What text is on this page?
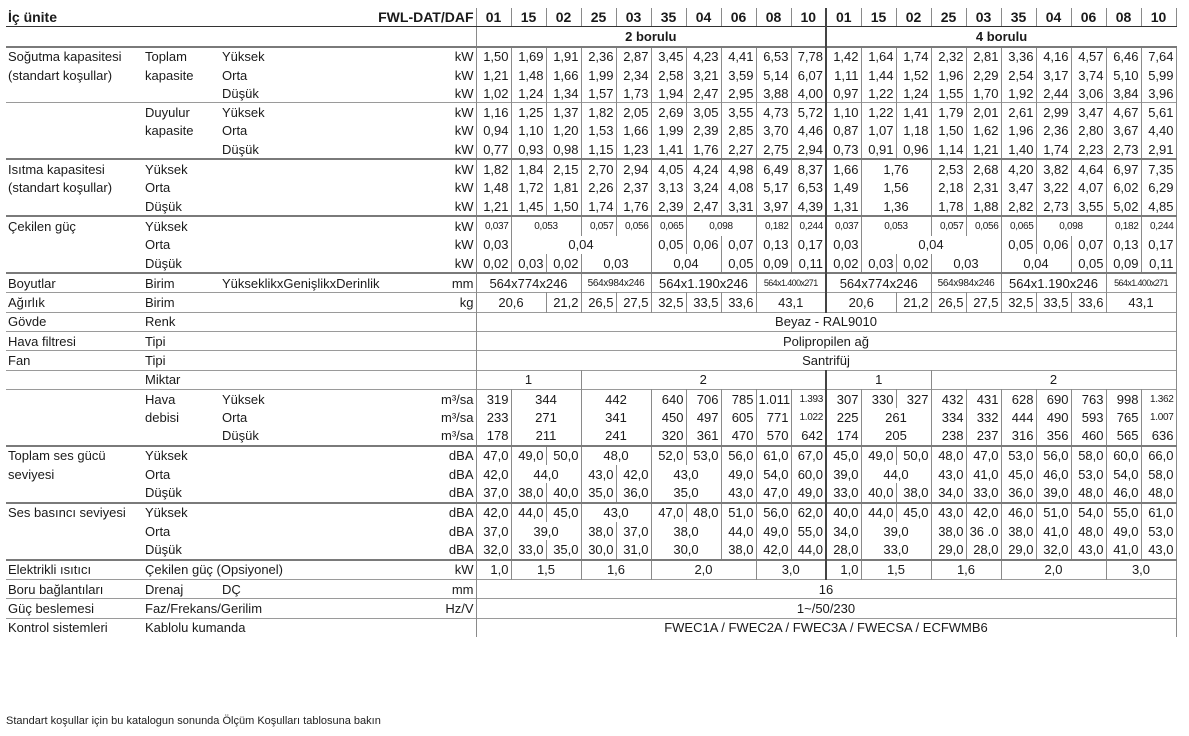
İç ünite		FWL-DAT/DAF		01	15	02	25	03	35	04	06	08	10	01	15	02	25	03	35	04	06	08	10
				2 borulu										4 borulu									
Soğutma kapasitesi	Toplam	Yüksek	kW	1,50	1,69	1,91	2,36	2,87	3,45	4,23	4,41	6,53	7,78	1,42	1,64	1,74	2,32	2,81	3,36	4,16	4,57	6,46	7,64
(standart koşullar)	kapasite	Orta	kW	1,21	1,48	1,66	1,99	2,34	2,58	3,21	3,59	5,14	6,07	1,11	1,44	1,52	1,96	2,29	2,54	3,17	3,74	5,10	5,99
		Düşük	kW	1,02	1,24	1,34	1,57	1,73	1,94	2,47	2,95	3,88	4,00	0,97	1,22	1,24	1,55	1,70	1,92	2,44	3,06	3,84	3,96
	Duyulur	Yüksek	kW	1,16	1,25	1,37	1,82	2,05	2,69	3,05	3,55	4,73	5,72	1,10	1,22	1,41	1,79	2,01	2,61	2,99	3,47	4,67	5,61
	kapasite	Orta	kW	0,94	1,10	1,20	1,53	1,66	1,99	2,39	2,85	3,70	4,46	0,87	1,07	1,18	1,50	1,62	1,96	2,36	2,80	3,67	4,40
		Düşük	kW	0,77	0,93	0,98	1,15	1,23	1,41	1,76	2,27	2,75	2,94	0,73	0,91	0,96	1,14	1,21	1,40	1,74	2,23	2,73	2,91
Isıtma kapasitesi	Yüksek		kW	1,82	1,84	2,15	2,70	2,94	4,05	4,24	4,98	6,49	8,37	1,66	1,76		2,53	2,68	4,20	3,82	4,64	6,97	7,35
(standart koşullar)	Orta		kW	1,48	1,72	1,81	2,26	2,37	3,13	3,24	4,08	5,17	6,53	1,49	1,56		2,18	2,31	3,47	3,22	4,07	6,02	6,29
	Düşük		kW	1,21	1,45	1,50	1,74	1,76	2,39	2,47	3,31	3,97	4,39	1,31	1,36		1,78	1,88	2,82	2,73	3,55	5,02	4,85
Çekilen güç	Yüksek		kW	0,037	0,053		0,057	0,056	0,065	0,098		0,182	0,244	0,037	0,053		0,057	0,056	0,065	0,098		0,182	0,244
	Orta		kW	0,03	0,04				0,05	0,06	0,07	0,13	0,17	0,03	0,04				0,05	0,06	0,07	0,13	0,17
	Düşük		kW	0,02	0,03	0,02	0,03		0,04		0,05	0,09	0,11	0,02	0,03	0,02	0,03		0,04		0,05	0,09	0,11
Boyutlar	Birim	YükseklikxGenişlikxDerinlik	mm	564x774x246			564x984x246		564x1.190x246			564x1.400x271		564x774x246			564x984x246		564x1.190x246			564x1.400x271	
Ağırlık	Birim		kg	20,6		21,2	26,5	27,5	32,5	33,5	33,6	43,1		20,6		21,2	26,5	27,5	32,5	33,5	33,6	43,1	
Gövde	Renk			Beyaz - RAL9010																			
Hava filtresi	Tipi			Polipropilen ağ																			
Fan	Tipi			Santrifüj																			
	Miktar			1			2							1			2						
	Hava	Yüksek	m³/sa	319	344		442		640	706	785	1.011	1.393	307	330	327	432	431	628	690	763	998	1.362
	debisi	Orta	m³/sa	233	271		341		450	497	605	771	1.022	225	261		334	332	444	490	593	765	1.007
		Düşük	m³/sa	178	211		241		320	361	470	570	642	174	205		238	237	316	356	460	565	636
Toplam ses gücü	Yüksek		dBA	47,0	49,0	50,0	48,0		52,0	53,0	56,0	61,0	67,0	45,0	49,0	50,0	48,0	47,0	53,0	56,0	58,0	60,0	66,0
seviyesi	Orta		dBA	42,0	44,0		43,0	42,0	43,0		49,0	54,0	60,0	39,0	44,0		43,0	41,0	45,0	46,0	53,0	54,0	58,0
	Düşük		dBA	37,0	38,0	40,0	35,0	36,0	35,0		43,0	47,0	49,0	33,0	40,0	38,0	34,0	33,0	36,0	39,0	48,0	46,0	48,0
Ses basıncı seviyesi	Yüksek		dBA	42,0	44,0	45,0	43,0		47,0	48,0	51,0	56,0	62,0	40,0	44,0	45,0	43,0	42,0	46,0	51,0	54,0	55,0	61,0
	Orta		dBA	37,0	39,0		38,0	37,0	38,0		44,0	49,0	55,0	34,0	39,0		38,0	36 .0	38,0	41,0	48,0	49,0	53,0
	Düşük		dBA	32,0	33,0	35,0	30,0	31,0	30,0		38,0	42,0	44,0	28,0	33,0		29,0	28,0	29,0	32,0	43,0	41,0	43,0
Elektrikli ısıtıcı	Çekilen güç (Opsiyonel)		kW	1,0	1,5		1,6		2,0			3,0		1,0	1,5		1,6		2,0			3,0	
Boru bağlantıları	Drenaj	DÇ	mm	16																			
Güç beslemesi	Faz/Frekans/Gerilim		Hz/V	1~/50/230																			
Kontrol sistemleri	Kablolu kumanda			FWEC1A / FWEC2A / FWEC3A / FWECSA / ECFWMB6																			
Standart koşullar için bu katalogun sonunda Ölçüm Koşulları tablosuna bakın
